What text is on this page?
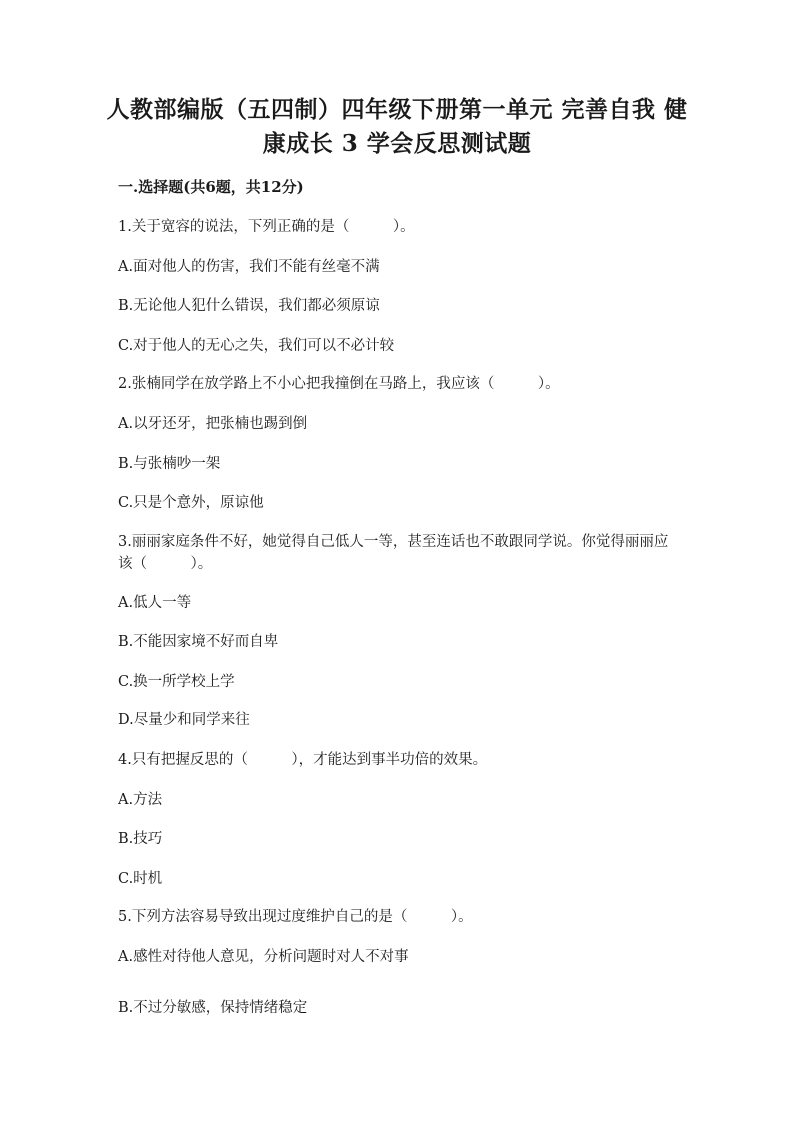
人教部编版（五四制）四年级下册第一单元 完善自我 健康成长 3 学会反思测试题
一.选择题(共6题，共12分)
1.关于宽容的说法，下列正确的是（　　　）。
A.面对他人的伤害，我们不能有丝毫不满
B.无论他人犯什么错误，我们都必须原谅
C.对于他人的无心之失，我们可以不必计较
2.张楠同学在放学路上不小心把我撞倒在马路上，我应该（　　　）。
A.以牙还牙，把张楠也踢到倒
B.与张楠吵一架
C.只是个意外，原谅他
3.丽丽家庭条件不好，她觉得自己低人一等，甚至连话也不敢跟同学说。你觉得丽丽应该（　　　）。
A.低人一等
B.不能因家境不好而自卑
C.换一所学校上学
D.尽量少和同学来往
4.只有把握反思的（　　　），才能达到事半功倍的效果。
A.方法
B.技巧
C.时机
5.下列方法容易导致出现过度维护自己的是（　　　）。
A.感性对待他人意见，分析问题时对人不对事
B.不过分敏感，保持情绪稳定
